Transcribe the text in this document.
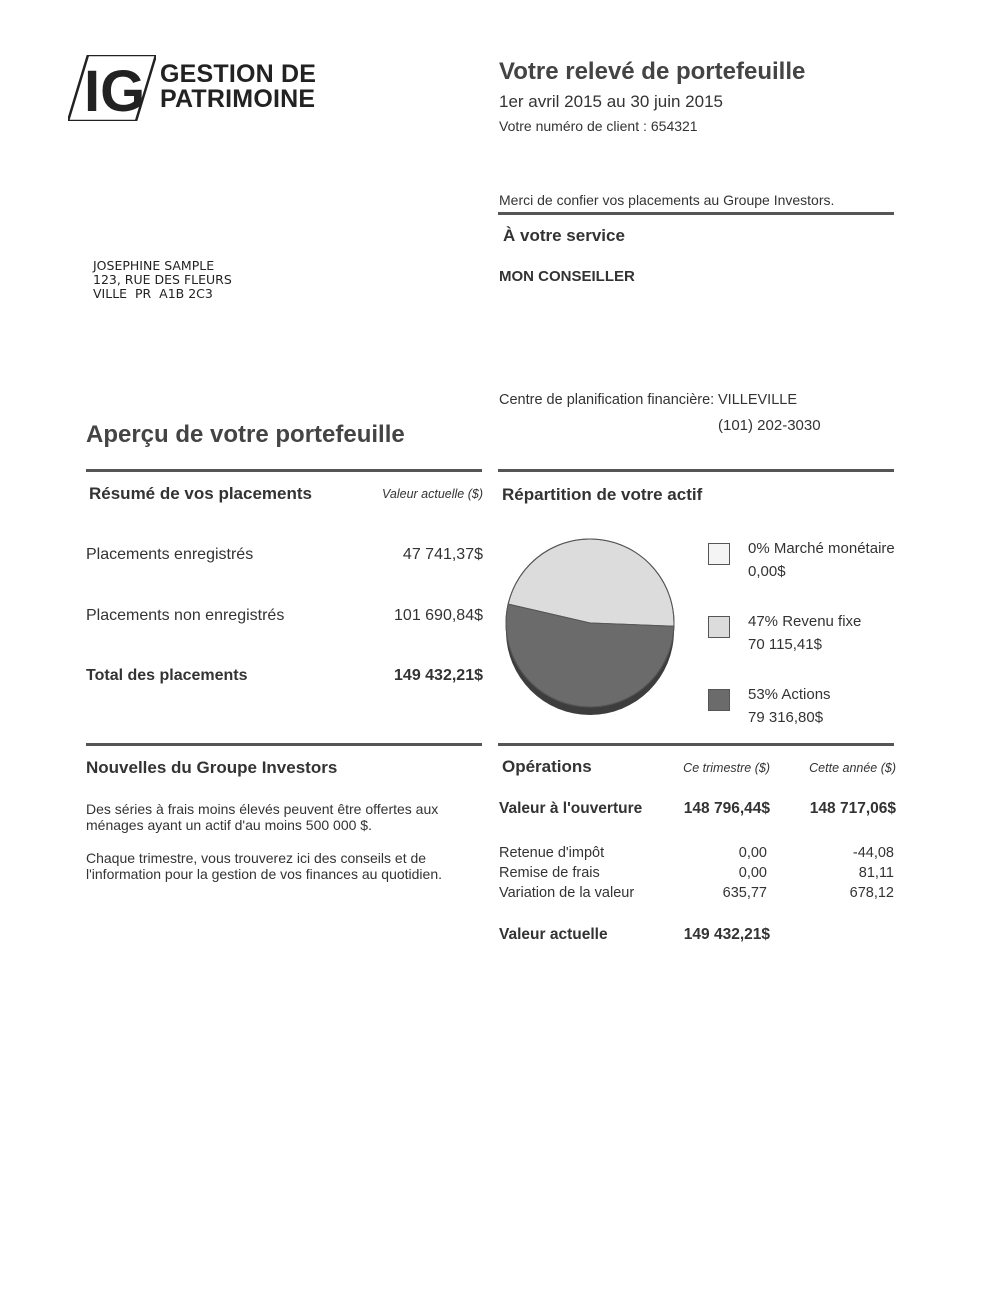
IG GESTION DE
PATRIMOINE
Votre relevé de portefeuille
1er avril 2015 au 30 juin 2015
Votre numéro de client : 654321
Merci de confier vos placements au Groupe Investors.
À votre service
MON CONSEILLER
JOSEPHINE SAMPLE
123, RUE DES FLEURS
VILLE  PR  A1B 2C3
Centre de planification financière: VILLEVILLE
(101) 202-3030
Aperçu de votre portefeuille
Résumé de vos placements	Valeur actuelle ($)
Placements enregistrés	47 741,37$
Placements non enregistrés	101 690,84$
Total des placements	149 432,21$
Répartition de votre actif
0% Marché monétaire
0,00$
47% Revenu fixe
70 115,41$
53% Actions
79 316,80$
Nouvelles du Groupe Investors
Des séries à frais moins élevés peuvent être offertes aux
ménages ayant un actif d'au moins 500 000 $.
Chaque trimestre, vous trouverez ici des conseils et de
l'information pour la gestion de vos finances au quotidien.
Opérations	Ce trimestre ($)	Cette année ($)
Valeur à l'ouverture	148 796,44$	148 717,06$
Retenue d'impôt	0,00	-44,08
Remise de frais	0,00	81,11
Variation de la valeur	635,77	678,12
Valeur actuelle	149 432,21$
